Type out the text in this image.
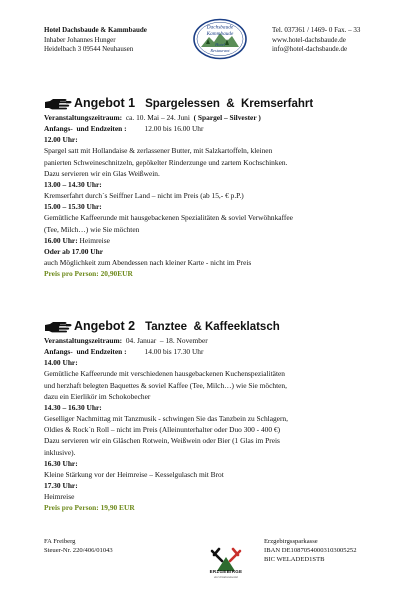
Hotel Dachsbaude & Kammbaude
Inhaber Johannes Hunger
Heidelbach 3 09544 Neuhausen
Dachsbaude
Kammbaude
Hotel
Restaurant
Tel. 037361 / 1469- 0 Fax. – 33
www.hotel-dachsbaude.de
info@hotel-dachsbaude.de
Angebot 1 Spargelessen  &  Kremserfahrt
Veranstaltungszeitraum: ca. 10. Mai – 24. Juni ( Spargel – Silvester )
Anfangs-  und Endzeiten : 12.00 bis 16.00 Uhr
12.00 Uhr:
Spargel satt mit Hollandaise & zerlassener Butter, mit Salzkartoffeln, kleinen
panierten Schweineschnitzeln, gepökelter Rinderzunge und zartem Kochschinken.
Dazu servieren wir ein Glas Weißwein.
13.00 – 14.30 Uhr:
Kremserfahrt durch´s Seiffner Land – nicht im Preis (ab 15,- € p.P.)
15.00 – 15.30 Uhr:
Gemütliche Kaffeerunde mit hausgebackenen Spezialitäten & soviel Verwöhnkaffee
(Tee, Milch…) wie Sie möchten
16.00 Uhr: Heimreise
Oder ab 17.00 Uhr
auch Möglichkeit zum Abendessen nach kleiner Karte - nicht im Preis
Preis pro Person: 20,90EUR
Angebot 2 Tanztee  & Kaffeeklatsch
Veranstaltungszeitraum: 04. Januar  – 18. November
Anfangs-  und Endzeiten : 14.00 bis 17.30 Uhr
14.00 Uhr:
Gemütliche Kaffeerunde mit verschiedenen hausgebackenen Kuchenspezialitäten
und herzhaft belegten Baquettes & soviel Kaffee (Tee, Milch…) wie Sie möchten,
dazu ein Eierlikör im Schokobecher
14.30 – 16.30 Uhr:
Geselliger Nachmittag mit Tanzmusik - schwingen Sie das Tanzbein zu Schlagern,
Oldies & Rock´n Roll – nicht im Preis (Alleinunterhalter oder Duo 300 - 400 €)
Dazu servieren wir ein Gläschen Rotwein, Weißwein oder Bier (1 Glas im Preis
inklusive).
16.30 Uhr:
Kleine Stärkung vor der Heimreise – Kesselgulasch mit Brot
17.30 Uhr:
Heimreise
Preis pro Person: 19,90 EUR
FA Freiberg
Steuer-Nr. 220/406/01043
ERZGEBIRGE
ein Urlaubsreiseziel
Erzgebirgssparkasse
IBAN DE10870540003103005252
BIC WELADED1STB
